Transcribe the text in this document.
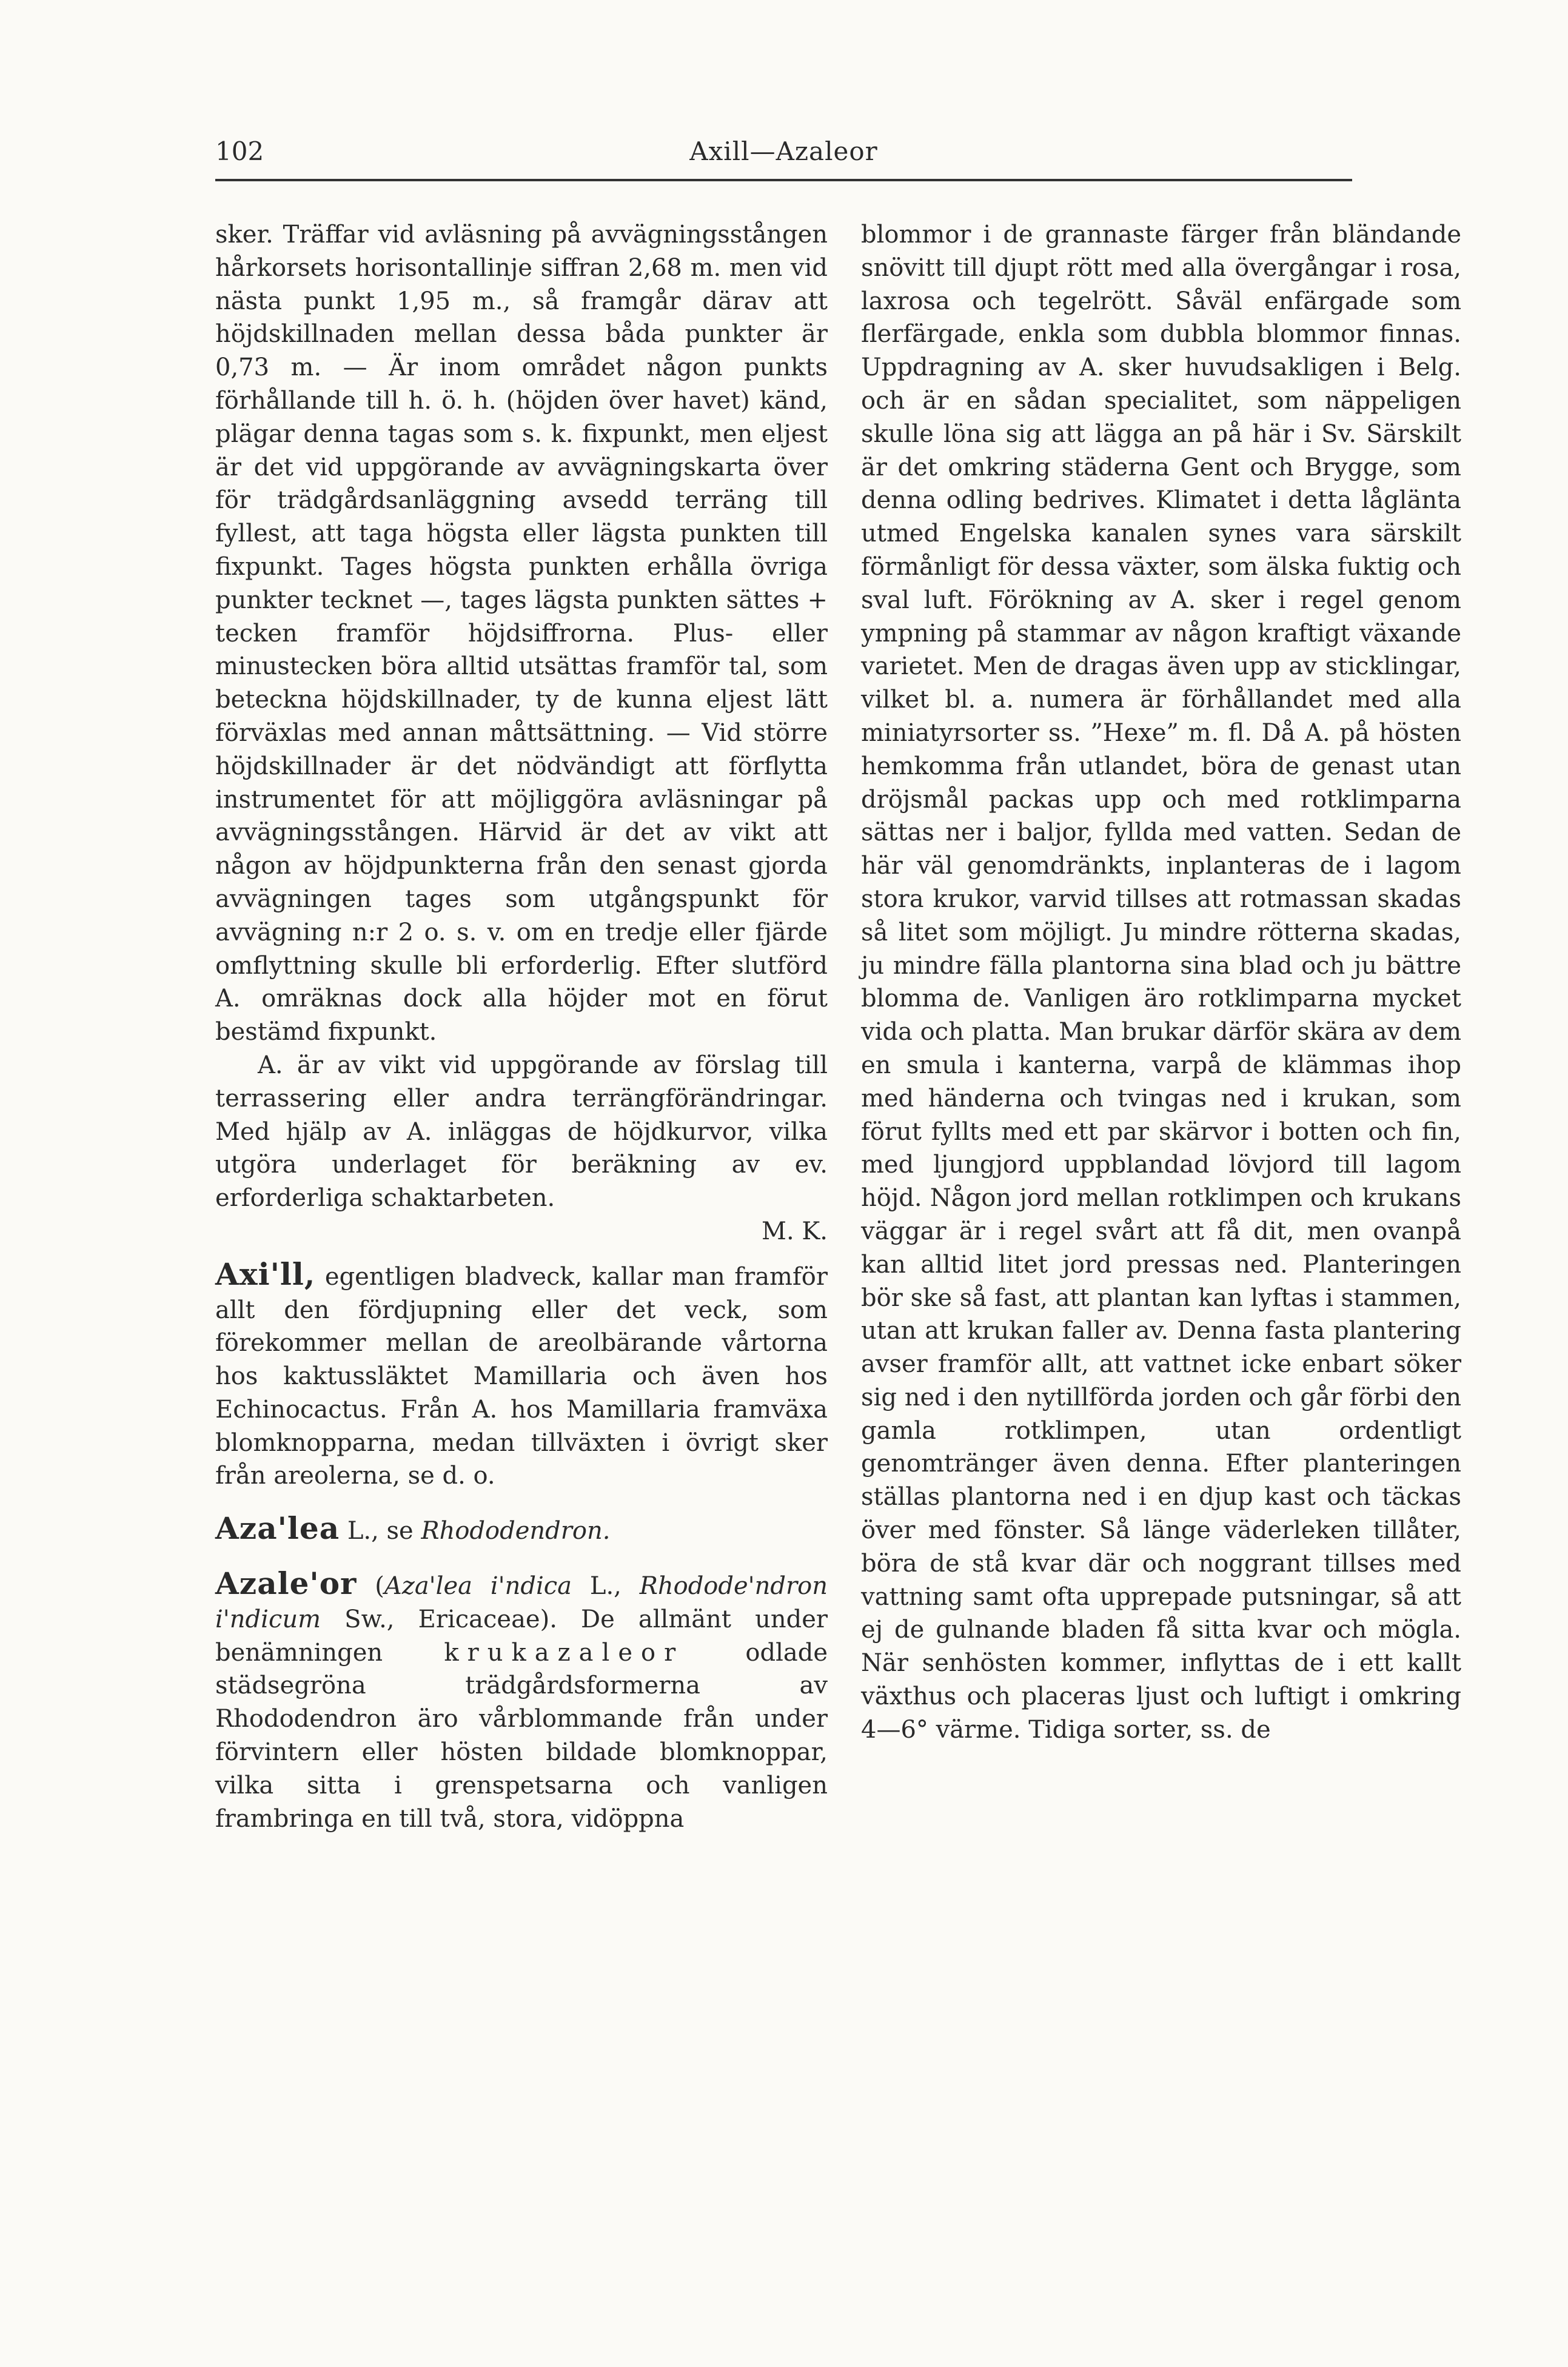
102	Axill—Azaleor

sker. Träffar vid avläsning på avvägningsstången hårkorsets horisontallinje siffran 2,68 m. men vid nästa punkt 1,95 m., så framgår därav att höjdskillnaden mellan dessa båda punkter är 0,73 m. — Är inom området någon punkts förhållande till h. ö. h. (höjden över havet) känd, plägar denna tagas som s. k. fixpunkt, men eljest är det vid uppgörande av avvägningskarta över för trädgårdsanläggning avsedd terräng till fyllest, att taga högsta eller lägsta punkten till fixpunkt. Tages högsta punkten erhålla övriga punkter tecknet —, tages lägsta punkten sättes + tecken framför höjdsiffrorna. Plus- eller minustecken böra alltid utsättas framför tal, som beteckna höjdskillnader, ty de kunna eljest lätt förväxlas med annan måttsättning. — Vid större höjdskillnader är det nödvändigt att förflytta instrumentet för att möjliggöra avläsningar på avvägningsstången. Härvid är det av vikt att någon av höjdpunkterna från den senast gjorda avvägningen tages som utgångspunkt för avvägning n:r 2 o. s. v. om en tredje eller fjärde omflyttning skulle bli erforderlig. Efter slutförd A. omräknas dock alla höjder mot en förut bestämd fixpunkt.

A. är av vikt vid uppgörande av förslag till terrassering eller andra terrängförändringar. Med hjälp av A. inläggas de höjdkurvor, vilka utgöra underlaget för beräkning av ev. erforderliga schaktarbeten.

M. K.

Axi'll, egentligen bladveck, kallar man framför allt den fördjupning eller det veck, som förekommer mellan de areolbärande vårtorna hos kaktussläktet Mamillaria och även hos Echinocactus. Från A. hos Mamillaria framväxa blomknopparna, medan tillväxten i övrigt sker från areolerna, se d. o.

Aza'lea L., se Rhododendron.

Azale'or (Aza'lea i'ndica L., Rhodode'ndron i'ndicum Sw., Ericaceae). De allmänt under benämningen krukazaleor odlade städsegröna trädgårdsformerna av Rhododendron äro vårblommande från under förvintern eller hösten bildade blomknoppar, vilka sitta i grenspetsarna och vanligen frambringa en till två, stora, vidöppna

blommor i de grannaste färger från bländande snövitt till djupt rött med alla övergångar i rosa, laxrosa och tegelrött. Såväl enfärgade som flerfärgade, enkla som dubbla blommor finnas. Uppdragning av A. sker huvudsakligen i Belg. och är en sådan specialitet, som näppeligen skulle löna sig att lägga an på här i Sv. Särskilt är det omkring städerna Gent och Brygge, som denna odling bedrives. Klimatet i detta låglänta utmed Engelska kanalen synes vara särskilt förmånligt för dessa växter, som älska fuktig och sval luft. Förökning av A. sker i regel genom ympning på stammar av någon kraftigt växande varietet. Men de dragas även upp av sticklingar, vilket bl. a. numera är förhållandet med alla miniatyrsorter ss. ”Hexe” m. fl. Då A. på hösten hemkomma från utlandet, böra de genast utan dröjsmål packas upp och med rotklimparna sättas ner i baljor, fyllda med vatten. Sedan de här väl genomdränkts, inplanteras de i lagom stora krukor, varvid tillses att rotmassan skadas så litet som möjligt. Ju mindre rötterna skadas, ju mindre fälla plantorna sina blad och ju bättre blomma de. Vanligen äro rotklimparna mycket vida och platta. Man brukar därför skära av dem en smula i kanterna, varpå de klämmas ihop med händerna och tvingas ned i krukan, som förut fyllts med ett par skärvor i botten och fin, med ljungjord uppblandad lövjord till lagom höjd. Någon jord mellan rotklimpen och krukans väggar är i regel svårt att få dit, men ovanpå kan alltid litet jord pressas ned. Planteringen bör ske så fast, att plantan kan lyftas i stammen, utan att krukan faller av. Denna fasta plantering avser framför allt, att vattnet icke enbart söker sig ned i den nytillförda jorden och går förbi den gamla rotklimpen, utan ordentligt genomtränger även denna. Efter planteringen ställas plantorna ned i en djup kast och täckas över med fönster. Så länge väderleken tillåter, böra de stå kvar där och noggrant tillses med vattning samt ofta upprepade putsningar, så att ej de gulnande bladen få sitta kvar och mögla. När senhösten kommer, inflyttas de i ett kallt växthus och placeras ljust och luftigt i omkring 4—6° värme. Tidiga sorter, ss. de
